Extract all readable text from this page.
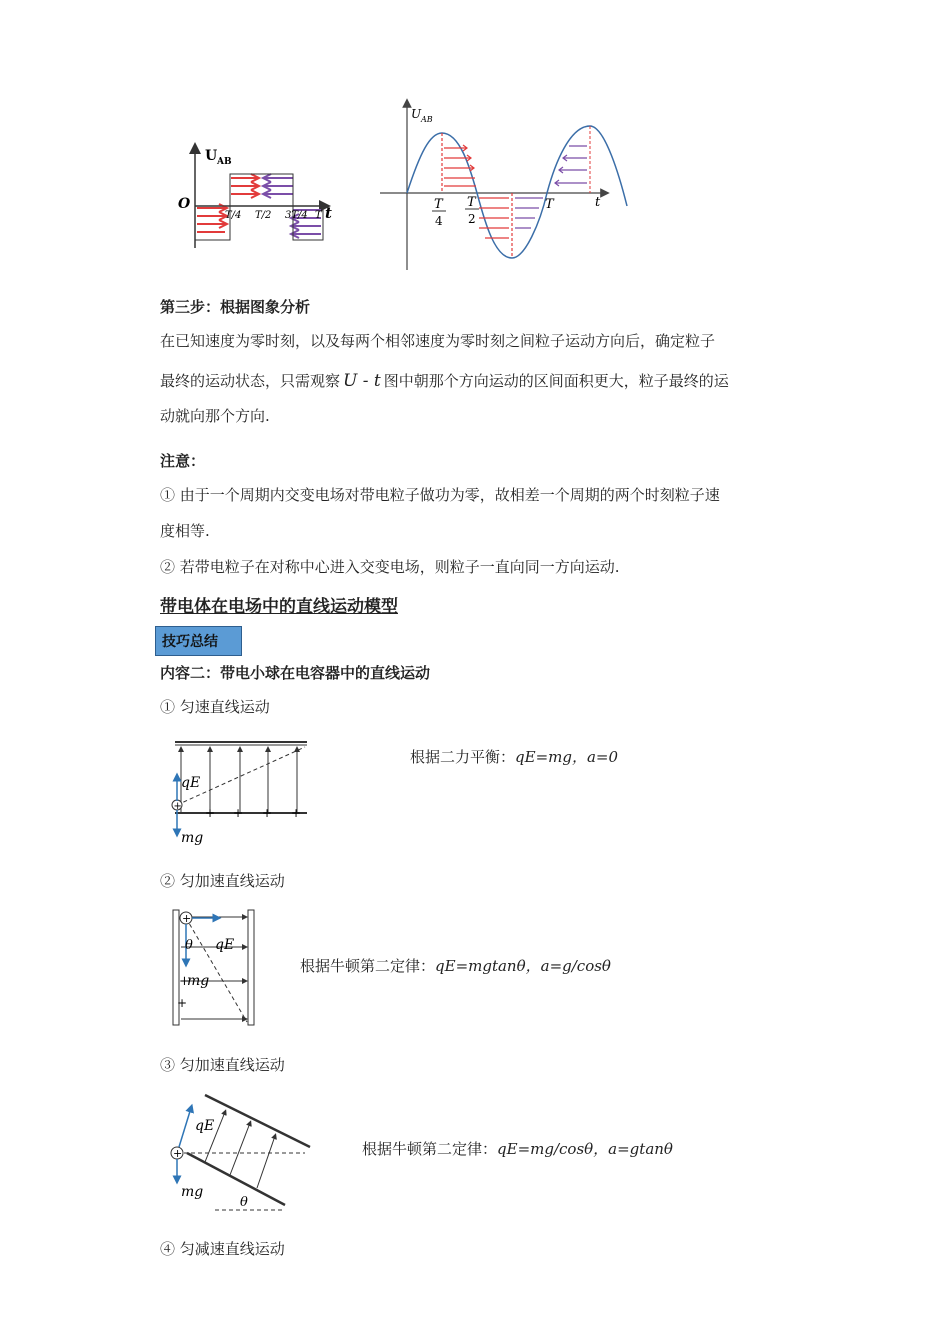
U AB
O
T/4 T/2 3T/4 T t
U AB
T
4
T
2
T	t
第三步：根据图象分析
在已知速度为零时刻，以及每两个相邻速度为零时刻之间粒子运动方向后，确定粒子
最终的运动状态，只需观察 U - t 图中朝那个方向运动的区间面积更大，粒子最终的运
动就向那个方向.
注意：
① 由于一个周期内交变电场对带电粒子做功为零，故相差一个周期的两个时刻粒子速
度相等.
② 若带电粒子在对称中心进入交变电场，则粒子一直向同一方向运动.
带电体在电场中的直线运动模型
技巧总结
内容二：带电小球在电容器中的直线运动
① 匀速直线运动
+ + + +
+
qE
mg
根据二力平衡：qE=mg，a=0
② 匀加速直线运动
+
θ qE
+
mg
+
根据牛顿第二定律：qE=mgtanθ，a=g/cosθ
③ 匀加速直线运动
+
qE
mg
θ
根据牛顿第二定律：qE=mg/cosθ，a=gtanθ
④ 匀减速直线运动
